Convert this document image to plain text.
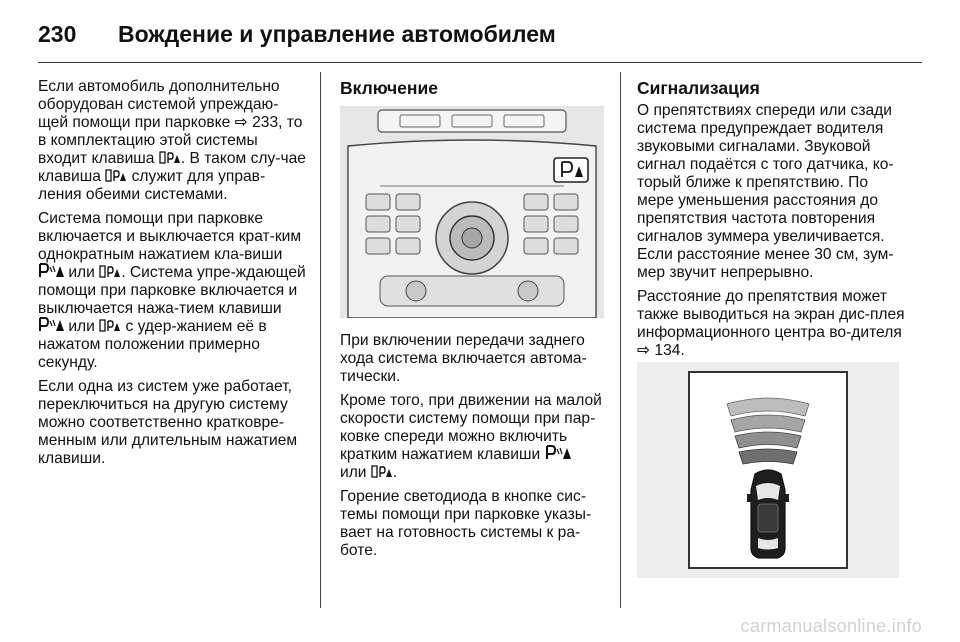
230	Вождение и управление автомобилем

Если автомобиль дополнительно оборудован системой упреждаю-щей помощи при парковке ⇨ 233, то в комплектацию этой системы входит клавиша
. В таком слу-чае клавиша
служит для управ-ления обеими системами.

Система помощи при парковке включается и выключается крат-ким однократным нажатием кла-виши
или
. Система упре-ждающей помощи при парковке включается и выключается нажа-тием клавиши
или
с удер-жанием её в нажатом положении примерно секунду.

Если одна из систем уже работает, переключиться на другую систему можно соответственно кратковре-менным или длительным нажатием клавиши.

Включение

При включении передачи заднего хода система включается автома-тически.

Кроме того, при движении на малой скорости систему помощи при пар-ковке спереди можно включить кратким нажатием клавиши

или
.

Горение светодиода в кнопке сис-темы помощи при парковке указы-вает на готовность системы к ра-боте.

Сигнализация

О препятствиях спереди или сзади система предупреждает водителя звуковыми сигналами. Звуковой сигнал подаётся с того датчика, ко-торый ближе к препятствию. По мере уменьшения расстояния до препятствия частота повторения сигналов зуммера увеличивается. Если расстояние менее 30 см, зум-мер звучит непрерывно.

Расстояние до препятствия может также выводиться на экран дис-плея информационного центра во-дителя ⇨ 134.

carmanualsonline.info
